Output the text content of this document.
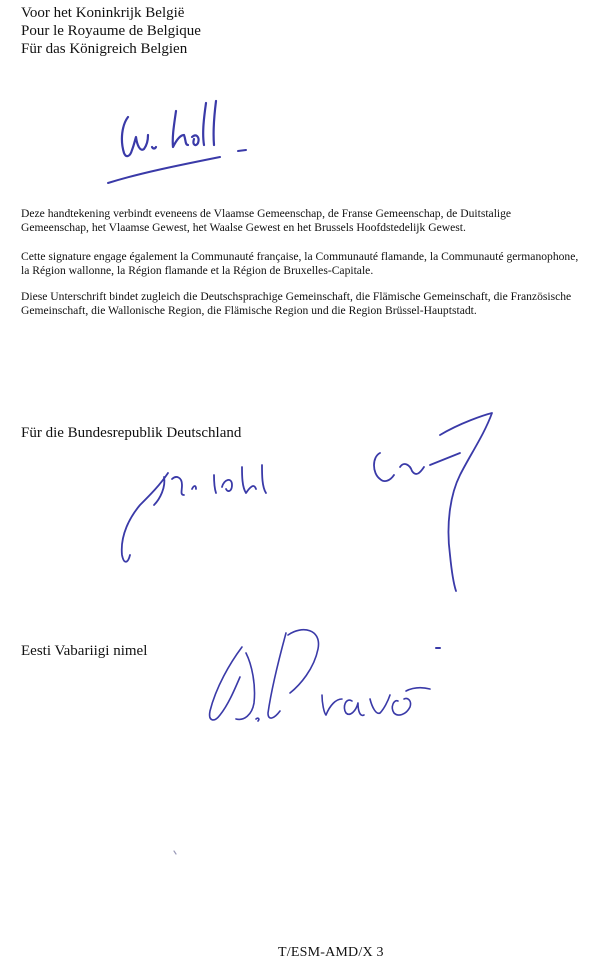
Voor het Koninkrijk België
Pour le Royaume de Belgique
Für das Königreich Belgien
Deze handtekening verbindt eveneens de Vlaamse Gemeenschap, de Franse Gemeenschap, de Duitstalige Gemeenschap, het Vlaamse Gewest, het Waalse Gewest en het Brussels Hoofdstedelijk Gewest.
Cette signature engage également la Communauté française, la Communauté flamande, la Communauté germanophone, la Région wallonne, la Région flamande et la Région de Bruxelles-Capitale.
Diese Unterschrift bindet zugleich die Deutschsprachige Gemeinschaft, die Flämische Gemeinschaft, die Französische Gemeinschaft, die Wallonische Region, die Flämische Region und die Region Brüssel-Hauptstadt.
Für die Bundesrepublik Deutschland
Eesti Vabariigi nimel
T/ESM-AMD/X 3
